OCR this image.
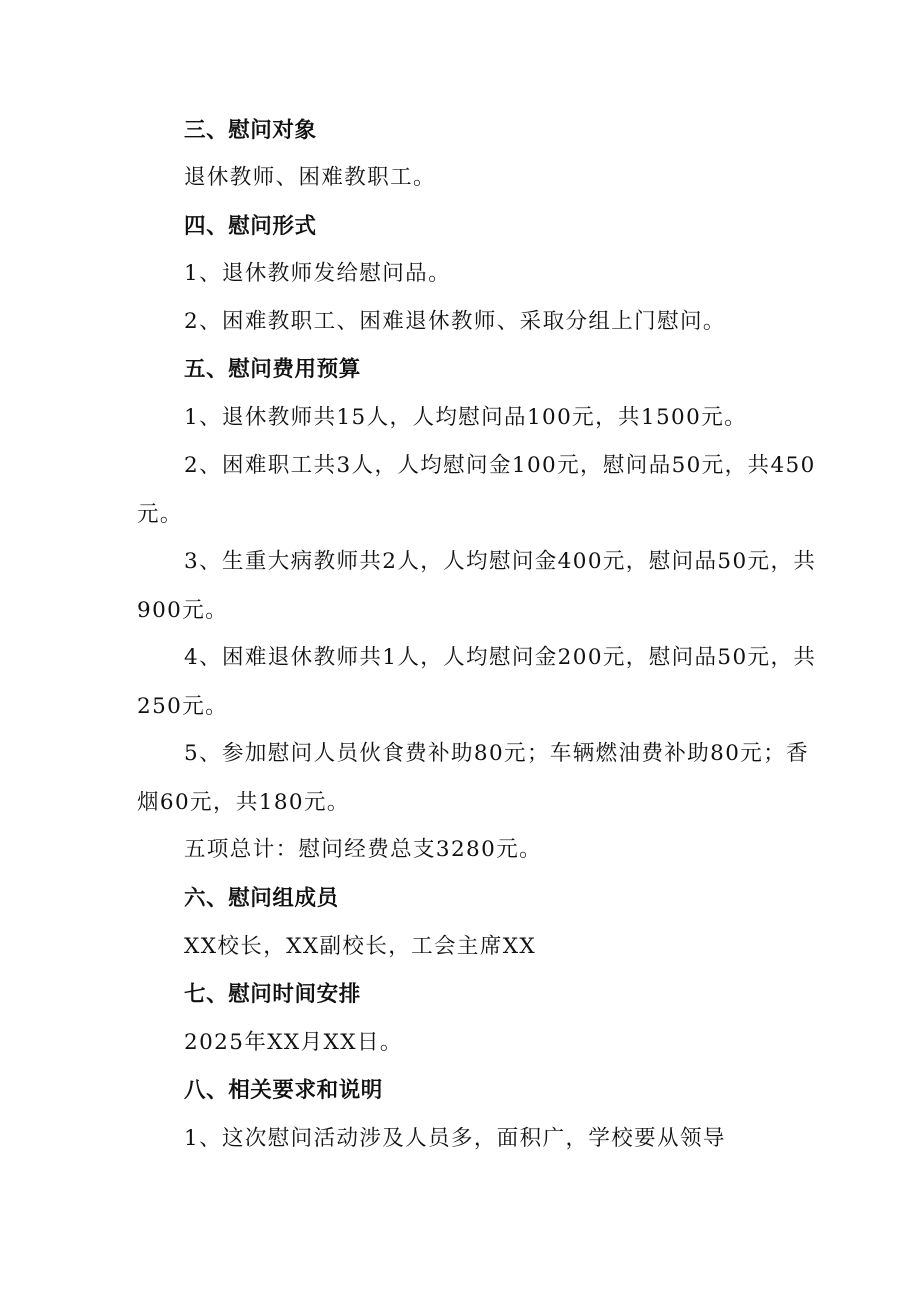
三、慰问对象
退休教师、困难教职工。
四、慰问形式
1、退休教师发给慰问品。
2、困难教职工、困难退休教师、采取分组上门慰问。
五、慰问费用预算
1、退休教师共15人，人均慰问品100元，共1500元。
2、困难职工共3人，人均慰问金100元，慰问品50元，共450
元。
3、生重大病教师共2人，人均慰问金400元，慰问品50元，共
900元。
4、困难退休教师共1人，人均慰问金200元，慰问品50元，共
250元。
5、参加慰问人员伙食费补助80元；车辆燃油费补助80元；香
烟60元，共180元。
五项总计：慰问经费总支3280元。
六、慰问组成员
XX校长，XX副校长，工会主席XX
七、慰问时间安排
2025年XX月XX日。
八、相关要求和说明
1、这次慰问活动涉及人员多，面积广，学校要从领导
